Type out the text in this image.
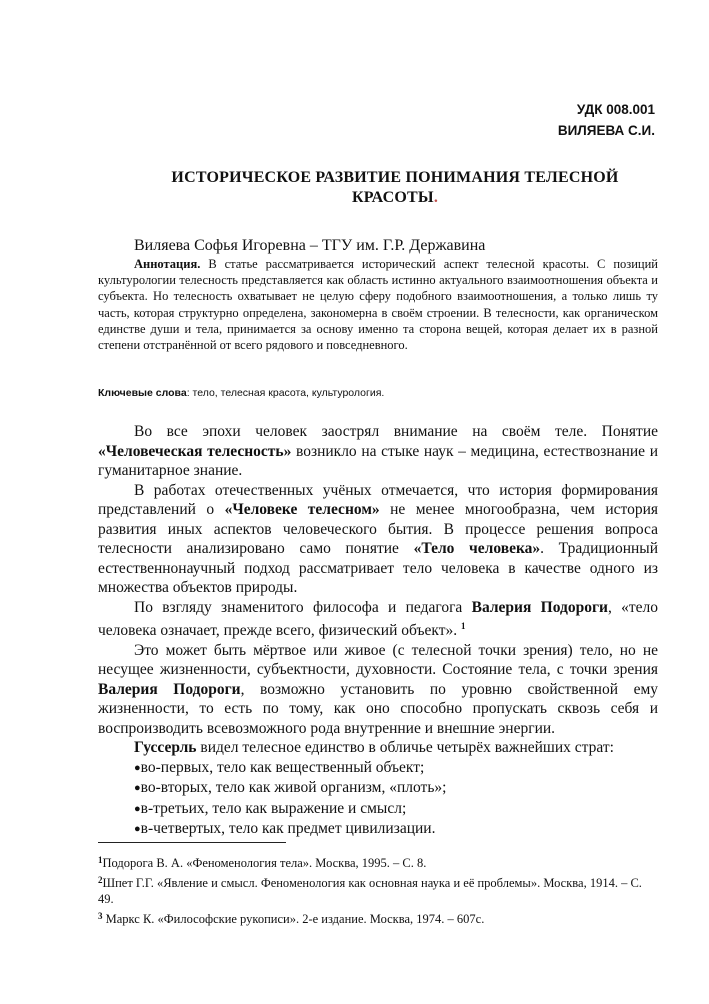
УДК 008.001
ВИЛЯЕВА С.И.
ИСТОРИЧЕСКОЕ РАЗВИТИЕ ПОНИМАНИЯ ТЕЛЕСНОЙ
КРАСОТЫ.
Виляева Софья Игоревна – ТГУ им. Г.Р. Державина
Аннотация. В статье рассматривается исторический аспект телесной красоты. С позиций культурологии телесность представляется как область истинно актуального взаимоотношения объекта и субъекта. Но телесность охватывает не целую сферу подобного взаимоотношения, а только лишь ту часть, которая структурно определена, закономерна в своём строении. В телесности, как органическом единстве души и тела, принимается за основу именно та сторона вещей, которая делает их в разной степени отстранённой от всего рядового и повседневного.
Ключевые слова: тело, телесная красота, культурология.

Во все эпохи человек заострял внимание на своём теле. Понятие «Человеческая телесность» возникло на стыке наук – медицина, естествознание и гуманитарное знание.

В работах отечественных учёных отмечается, что история формирования представлений о «Человеке телесном» не менее многообразна, чем история развития иных аспектов человеческого бытия. В процессе решения вопроса телесности анализировано само понятие «Тело человека». Традиционный естественнонаучный подход рассматривает тело человека в качестве одного из множества объектов природы.

По взгляду знаменитого философа и педагога Валерия Подороги, «тело человека означает, прежде всего, физический объект». $^1$

Это может быть мёртвое или живое (с телесной точки зрения) тело, но не несущее жизненности, субъектности, духовности. Состояние тела, с точки зрения Валерия Подороги, возможно установить по уровню свойственной ему жизненности, то есть по тому, как оно способно пропускать сквозь себя и воспроизводить всевозможного рода внутренние и внешние энергии.

Гуссерль видел телесное единство в обличье четырёх важнейших страт:

●во-первых, тело как вещественный объект;
●во-вторых, тело как живой организм, «плоть»;
●в-третьих, тело как выражение и смысл;
●в-четвертых, тело как предмет цивилизации.
$^1$Подорога В. А. «Феноменология тела». Москва, 1995. – С. 8.
$^2$Шпет Г.Г. «Явление и смысл. Феноменология как основная наука и её проблемы». Москва, 1914. – С. 49.
$^3$ Маркс К. «Философские рукописи». 2-е издание. Москва, 1974. – 607с.
